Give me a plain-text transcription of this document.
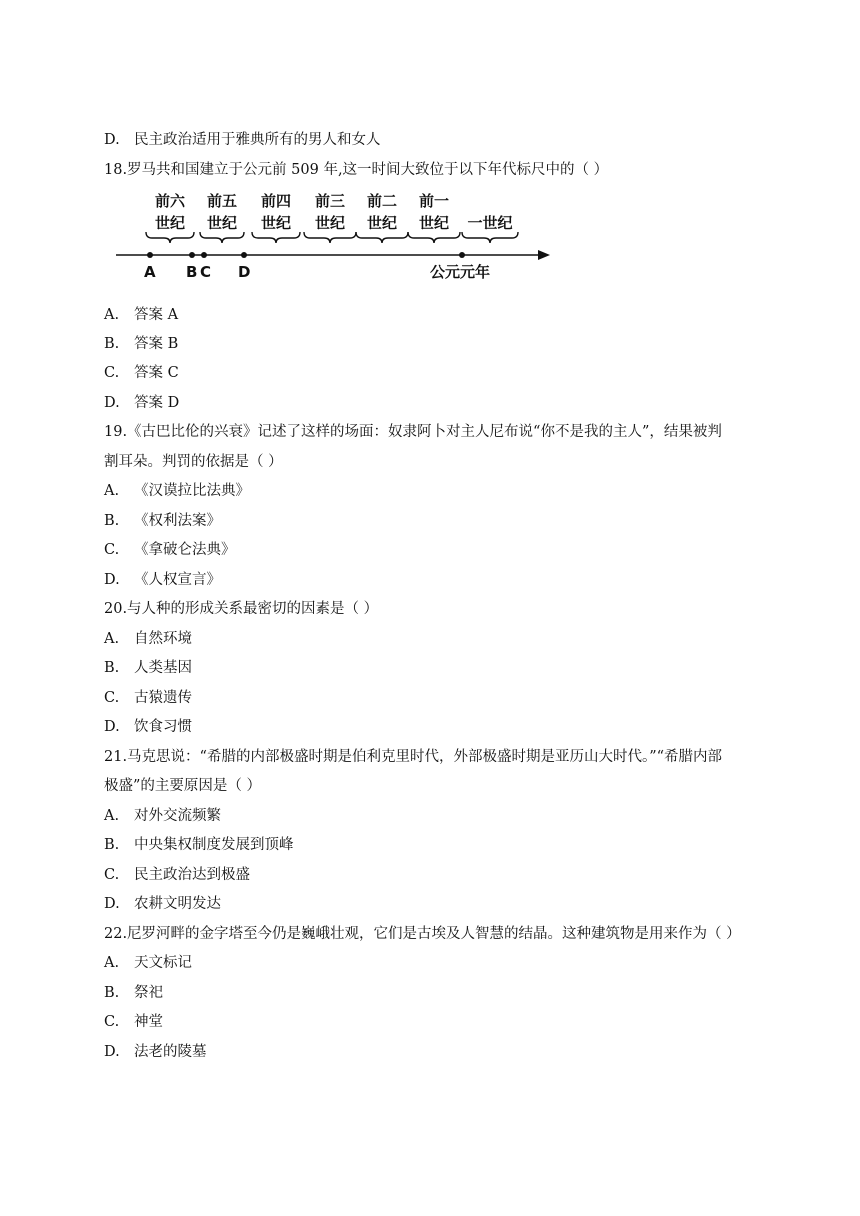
D. 民主政治适用于雅典所有的男人和女人
18.罗马共和国建立于公元前 509 年,这一时间大致位于以下年代标尺中的（ ）
前六
世纪
前五
世纪
前四
世纪
前三
世纪
前二
世纪
前一
世纪 一世纪
A B C D	公元元年
A. 答案 A
B. 答案 B
C. 答案 C
D. 答案 D
19.《古巴比伦的兴衰》记述了这样的场面：奴隶阿卜对主人尼布说“你不是我的主人”，结果被判
割耳朵。判罚的依据是（ ）
A. 《汉谟拉比法典》
B. 《权利法案》
C. 《拿破仑法典》
D. 《人权宣言》
20.与人种的形成关系最密切的因素是（ ）
A. 自然环境
B. 人类基因
C. 古猿遗传
D. 饮食习惯
21.马克思说：“希腊的内部极盛时期是伯利克里时代，外部极盛时期是亚历山大时代。”“希腊内部
极盛”的主要原因是（ ）
A. 对外交流频繁
B. 中央集权制度发展到顶峰
C. 民主政治达到极盛
D. 农耕文明发达
22.尼罗河畔的金字塔至今仍是巍峨壮观，它们是古埃及人智慧的结晶。这种建筑物是用来作为（ ）
A. 天文标记
B. 祭祀
C. 神堂
D. 法老的陵墓
